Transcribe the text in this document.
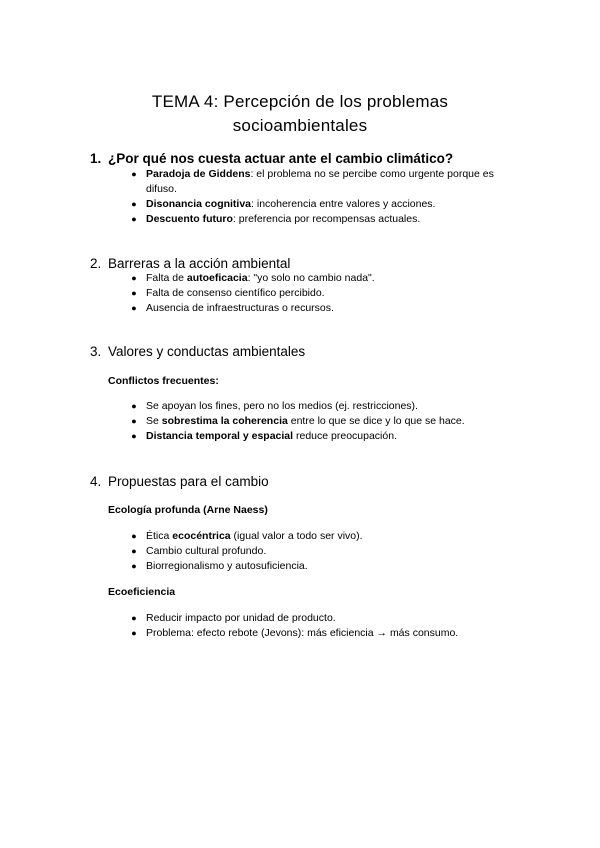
TEMA 4: Percepción de los problemas
socioambientales
1. ¿Por qué nos cuesta actuar ante el cambio climático?
● Paradoja de Giddens: el problema no se percibe como urgente porque es
difuso.
● Disonancia cognitiva: incoherencia entre valores y acciones.
● Descuento futuro: preferencia por recompensas actuales.
2. Barreras a la acción ambiental
● Falta de autoeficacia: "yo solo no cambio nada".
● Falta de consenso científico percibido.
● Ausencia de infraestructuras o recursos.
3. Valores y conductas ambientales
Conflictos frecuentes:
● Se apoyan los fines, pero no los medios (ej. restricciones).
● Se sobrestima la coherencia entre lo que se dice y lo que se hace.
● Distancia temporal y espacial reduce preocupación.
4. Propuestas para el cambio
Ecología profunda (Arne Naess)
● Ética ecocéntrica (igual valor a todo ser vivo).
● Cambio cultural profundo.
● Biorregionalismo y autosuficiencia.
Ecoeficiencia
● Reducir impacto por unidad de producto.
● Problema: efecto rebote (Jevons): más eficiencia → más consumo.
